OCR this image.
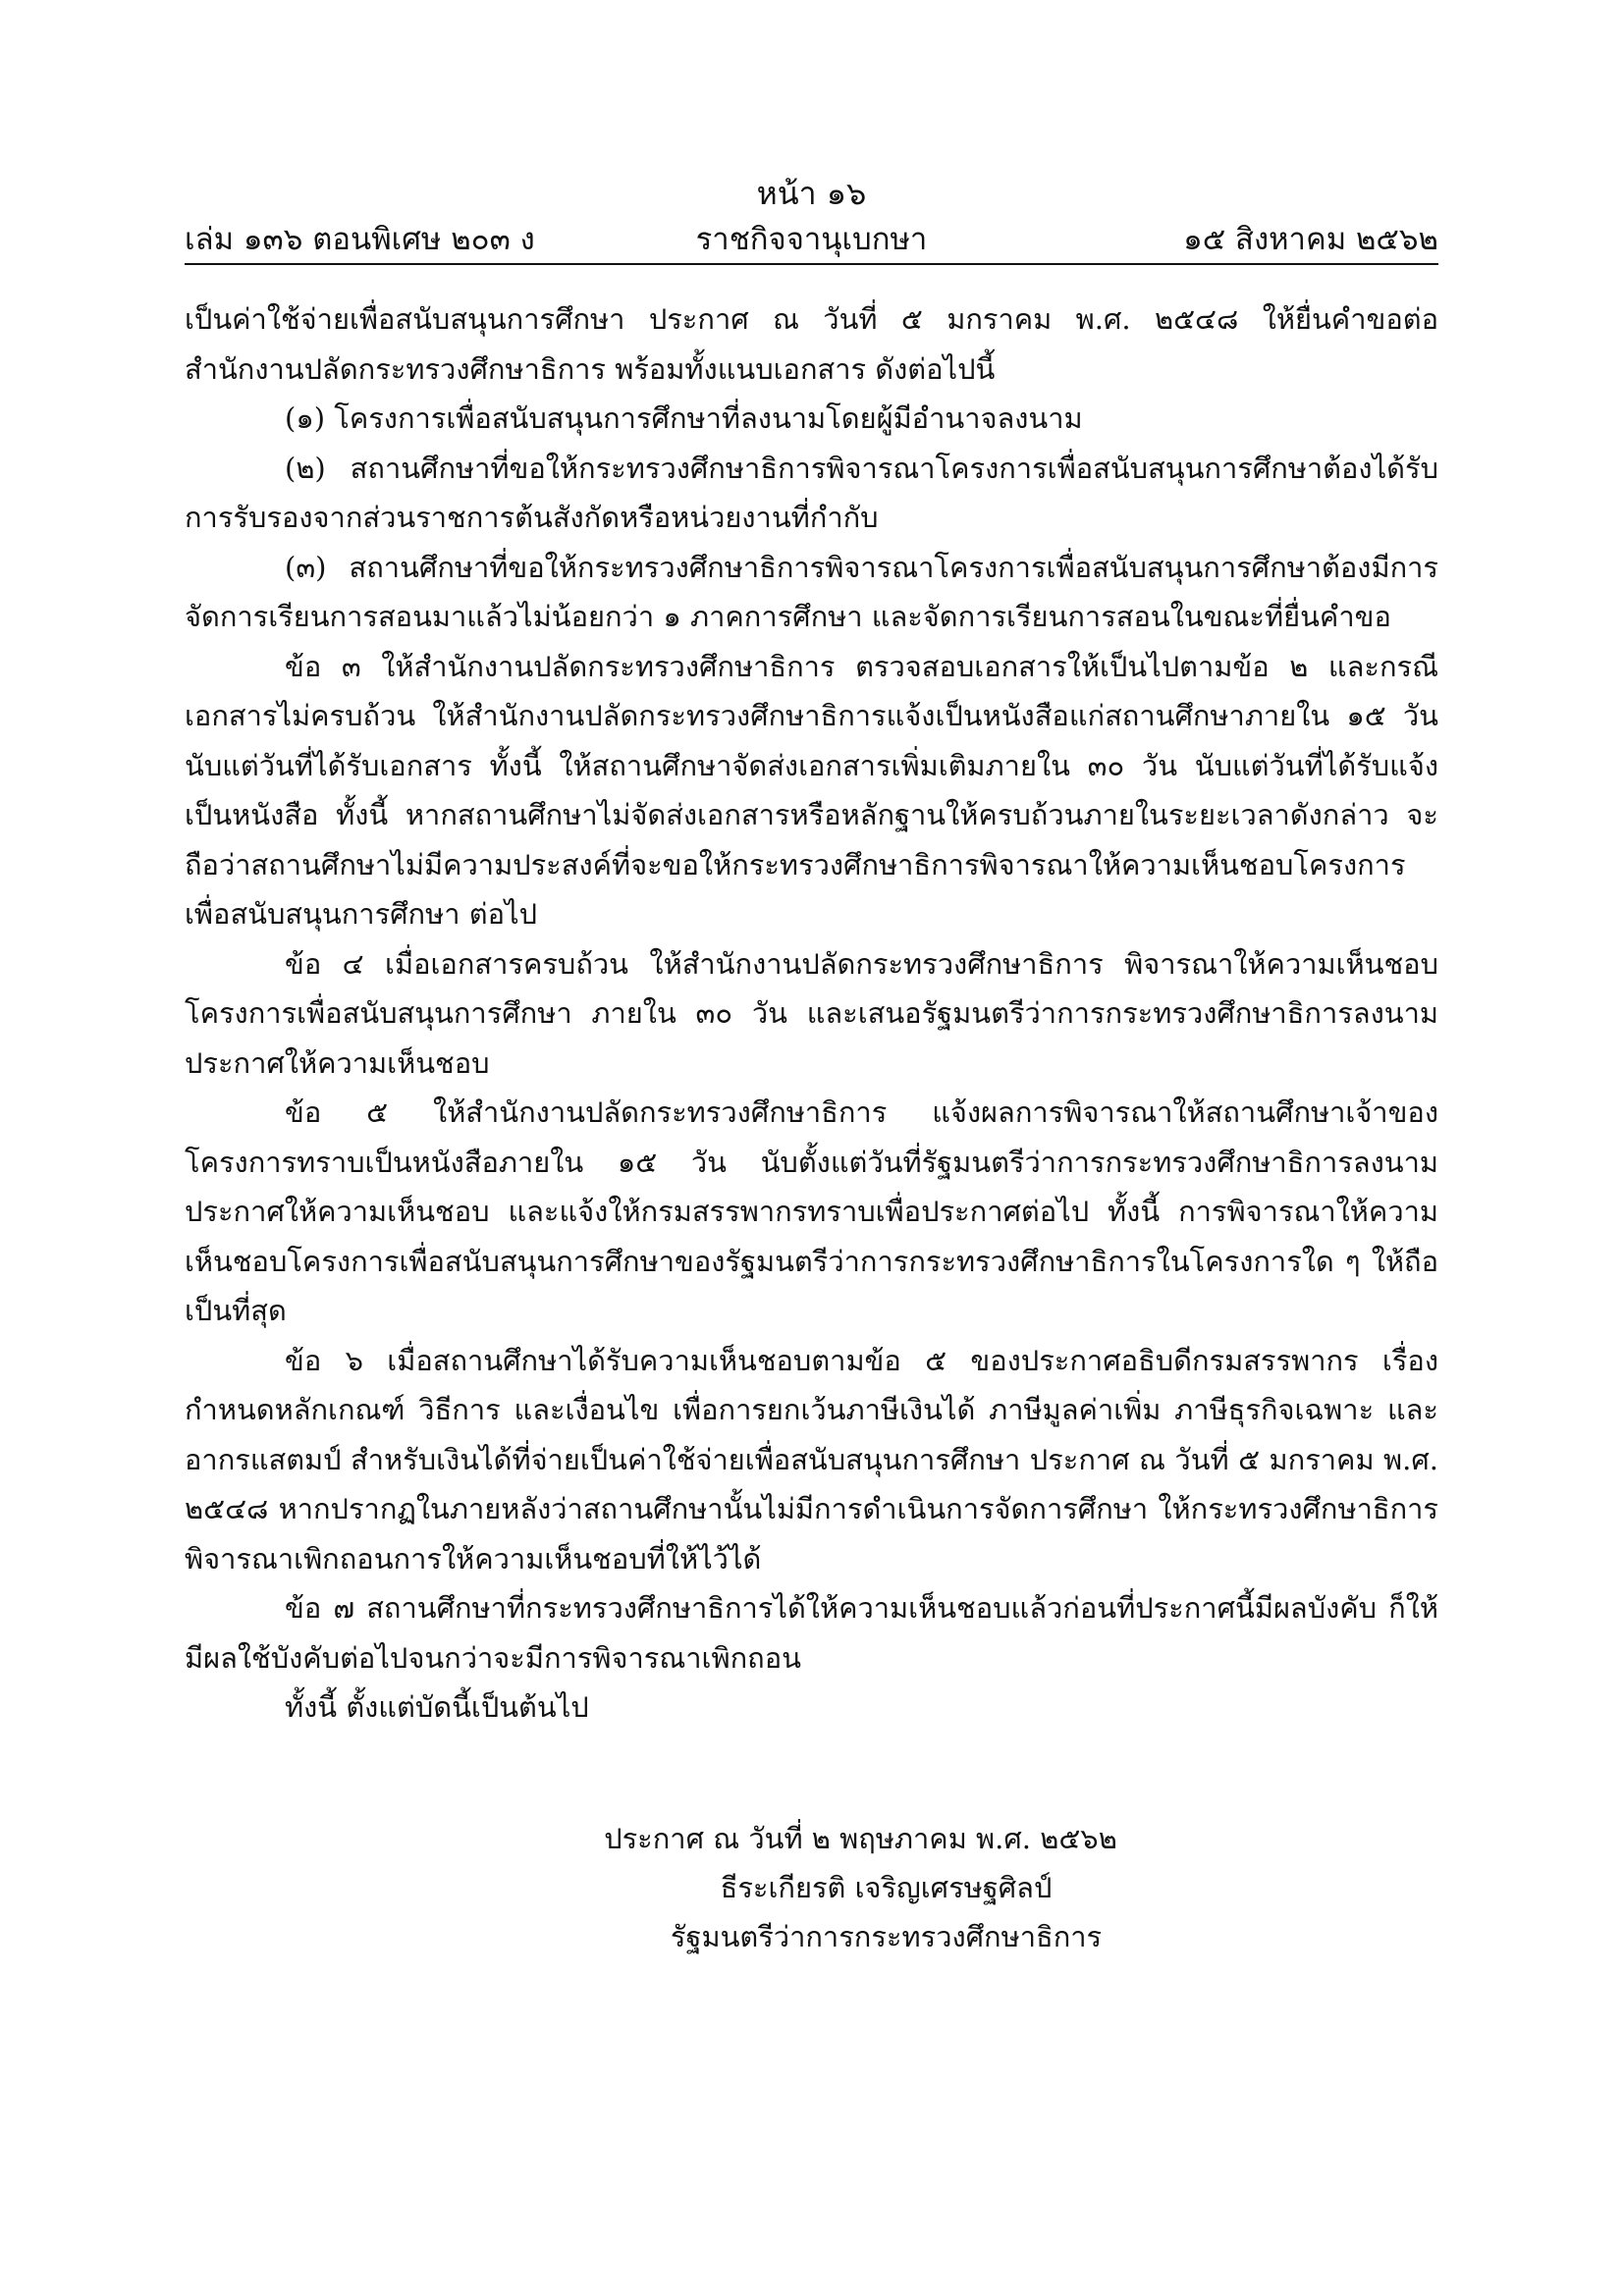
หน้า ๑๖
เล่ม ๑๓๖ ตอนพิเศษ ๒๐๓ ง	ราชกิจจานุเบกษา	๑๕ สิงหาคม ๒๕๖๒

เป็นค่าใช้จ่ายเพื่อสนับสนุนการศึกษา ประกาศ ณ วันที่ ๕ มกราคม พ.ศ. ๒๕๔๘ ให้ยื่นคำขอต่อสำนักงานปลัดกระทรวงศึกษาธิการ พร้อมทั้งแนบเอกสาร ดังต่อไปนี้

(๑) โครงการเพื่อสนับสนุนการศึกษาที่ลงนามโดยผู้มีอำนาจลงนาม

(๒) สถานศึกษาที่ขอให้กระทรวงศึกษาธิการพิจารณาโครงการเพื่อสนับสนุนการศึกษาต้องได้รับการรับรองจากส่วนราชการต้นสังกัดหรือหน่วยงานที่กำกับ

(๓) สถานศึกษาที่ขอให้กระทรวงศึกษาธิการพิจารณาโครงการเพื่อสนับสนุนการศึกษาต้องมีการจัดการเรียนการสอนมาแล้วไม่น้อยกว่า ๑ ภาคการศึกษา และจัดการเรียนการสอนในขณะที่ยื่นคำขอ

ข้อ ๓ ให้สำนักงานปลัดกระทรวงศึกษาธิการ ตรวจสอบเอกสารให้เป็นไปตามข้อ ๒ และกรณีเอกสารไม่ครบถ้วน ให้สำนักงานปลัดกระทรวงศึกษาธิการแจ้งเป็นหนังสือแก่สถานศึกษาภายใน ๑๕ วัน นับแต่วันที่ได้รับเอกสาร ทั้งนี้ ให้สถานศึกษาจัดส่งเอกสารเพิ่มเติมภายใน ๓๐ วัน นับแต่วันที่ได้รับแจ้งเป็นหนังสือ ทั้งนี้ หากสถานศึกษาไม่จัดส่งเอกสารหรือหลักฐานให้ครบถ้วนภายในระยะเวลาดังกล่าว จะถือว่าสถานศึกษาไม่มีความประสงค์ที่จะขอให้กระทรวงศึกษาธิการพิจารณาให้ความเห็นชอบโครงการเพื่อสนับสนุนการศึกษา ต่อไป

ข้อ ๔ เมื่อเอกสารครบถ้วน ให้สำนักงานปลัดกระทรวงศึกษาธิการ พิจารณาให้ความเห็นชอบโครงการเพื่อสนับสนุนการศึกษา ภายใน ๓๐ วัน และเสนอรัฐมนตรีว่าการกระทรวงศึกษาธิการลงนามประกาศให้ความเห็นชอบ

ข้อ ๕ ให้สำนักงานปลัดกระทรวงศึกษาธิการ แจ้งผลการพิจารณาให้สถานศึกษาเจ้าของโครงการทราบเป็นหนังสือภายใน ๑๕ วัน นับตั้งแต่วันที่รัฐมนตรีว่าการกระทรวงศึกษาธิการลงนามประกาศให้ความเห็นชอบ และแจ้งให้กรมสรรพากรทราบเพื่อประกาศต่อไป ทั้งนี้ การพิจารณาให้ความเห็นชอบโครงการเพื่อสนับสนุนการศึกษาของรัฐมนตรีว่าการกระทรวงศึกษาธิการในโครงการใด ๆ ให้ถือเป็นที่สุด

ข้อ ๖ เมื่อสถานศึกษาได้รับความเห็นชอบตามข้อ ๕ ของประกาศอธิบดีกรมสรรพากร เรื่อง กำหนดหลักเกณฑ์ วิธีการ และเงื่อนไข เพื่อการยกเว้นภาษีเงินได้ ภาษีมูลค่าเพิ่ม ภาษีธุรกิจเฉพาะ และอากรแสตมป์ สำหรับเงินได้ที่จ่ายเป็นค่าใช้จ่ายเพื่อสนับสนุนการศึกษา ประกาศ ณ วันที่ ๕ มกราคม พ.ศ. ๒๕๔๘ หากปรากฏในภายหลังว่าสถานศึกษานั้นไม่มีการดำเนินการจัดการศึกษา ให้กระทรวงศึกษาธิการพิจารณาเพิกถอนการให้ความเห็นชอบที่ให้ไว้ได้

ข้อ ๗ สถานศึกษาที่กระทรวงศึกษาธิการได้ให้ความเห็นชอบแล้วก่อนที่ประกาศนี้มีผลบังคับ ก็ให้มีผลใช้บังคับต่อไปจนกว่าจะมีการพิจารณาเพิกถอน

ทั้งนี้ ตั้งแต่บัดนี้เป็นต้นไป

ประกาศ ณ วันที่ ๒ พฤษภาคม พ.ศ. ๒๕๖๒
ธีระเกียรติ เจริญเศรษฐศิลป์
รัฐมนตรีว่าการกระทรวงศึกษาธิการ
